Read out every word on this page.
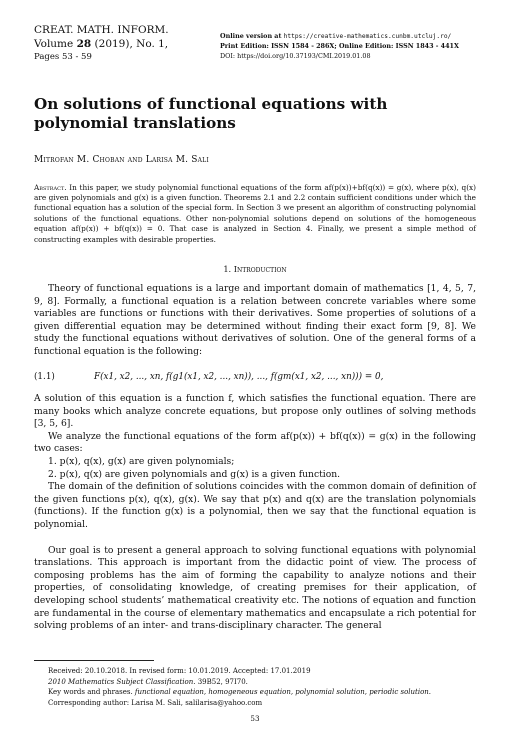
CREAT. MATH. INFORM.
Volume 28 (2019), No. 1,
Pages 53 - 59
Online version at https://creative-mathematics.cunbm.utcluj.ro/
Print Edition: ISSN 1584 - 286X; Online Edition: ISSN 1843 - 441X
DOI: https://doi.org/10.37193/CMI.2019.01.08
On solutions of functional equations with polynomial translations
Mitrofan M. Choban and Larisa M. Sali
Abstract. In this paper, we study polynomial functional equations of the form af(p(x))+bf(q(x)) = g(x), where p(x), q(x) are given polynomials and g(x) is a given function. Theorems 2.1 and 2.2 contain sufficient conditions under which the functional equation has a solution of the special form. In Section 3 we present an algorithm of constructing polynomial solutions of the functional equations. Other non-polynomial solutions depend on solutions of the homogeneous equation af(p(x)) + bf(q(x)) = 0. That case is analyzed in Section 4. Finally, we present a simple method of constructing examples with desirable properties.
1. Introduction

Theory of functional equations is a large and important domain of mathematics [1, 4, 5, 7, 9, 8]. Formally, a functional equation is a relation between concrete variables where some variables are functions or functions with their derivatives. Some properties of solutions of a given differential equation may be determined without finding their exact form [9, 8]. We study the functional equations without derivatives of solution. One of the general forms of a functional equation is the following:

(1.1)	F(x1, x2, ..., xn, f(g1(x1, x2, ..., xn)), ..., f(gm(x1, x2, ..., xn))) = 0,

A solution of this equation is a function f, which satisfies the functional equation. There are many books which analyze concrete equations, but propose only outlines of solving methods [3, 5, 6].

We analyze the functional equations of the form af(p(x)) + bf(q(x)) = g(x) in the following two cases:

1. p(x), q(x), g(x) are given polynomials;

2. p(x), q(x) are given polynomials and g(x) is a given function.

The domain of the definition of solutions coincides with the common domain of definition of the given functions p(x), q(x), g(x). We say that p(x) and q(x) are the translation polynomials (functions). If the function g(x) is a polynomial, then we say that the functional equation is polynomial.

Our goal is to present a general approach to solving functional equations with polynomial translations. This approach is important from the didactic point of view. The process of composing problems has the aim of forming the capability to analyze notions and their properties, of consolidating knowledge, of creating premises for their application, of developing school students’ mathematical creativity etc. The notions of equation and function are fundamental in the course of elementary mathematics and encapsulate a rich potential for solving problems of an inter- and trans-disciplinary character. The general

Received: 20.10.2018. In revised form: 10.01.2019. Accepted: 17.01.2019
2010 Mathematics Subject Classification. 39B52, 97I70.
Key words and phrases. functional equation, homogeneous equation, polynomial solution, periodic solution.
Corresponding author: Larisa M. Sali, salilarisa@yahoo.com
53
